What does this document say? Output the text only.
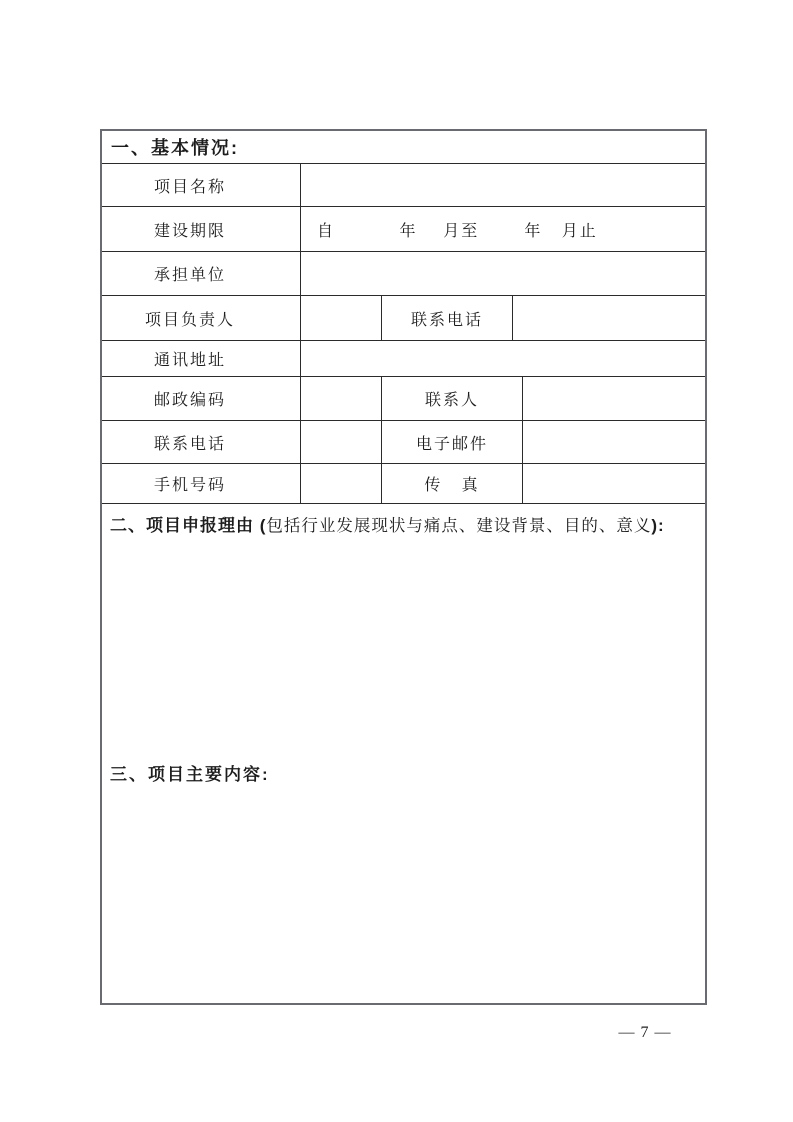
一、基本情况:
项目名称
建设期限	自          年    月至       年   月止
承担单位
项目负责人	联系电话
通讯地址
邮政编码	联系人
联系电话	电子邮件
手机号码	传   真
二、项目申报理由 (包括行业发展现状与痛点、建设背景、目的、意义):
三、项目主要内容:
— 7 —
